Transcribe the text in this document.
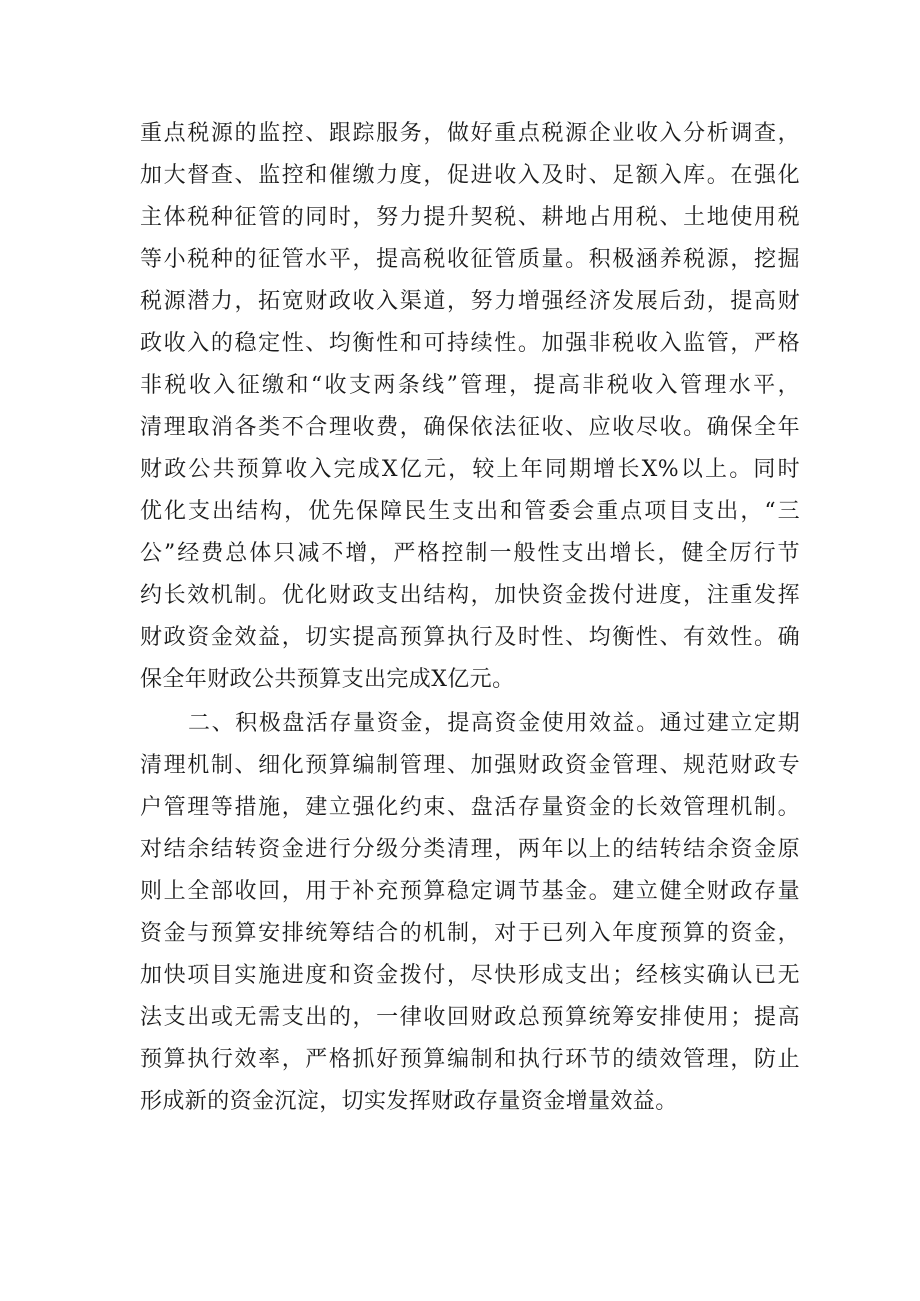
重点税源的监控、跟踪服务，做好重点税源企业收入分析调查，
加大督查、监控和催缴力度，促进收入及时、足额入库。在强化
主体税种征管的同时，努力提升契税、耕地占用税、土地使用税
等小税种的征管水平，提高税收征管质量。积极涵养税源，挖掘
税源潜力，拓宽财政收入渠道，努力增强经济发展后劲，提高财
政收入的稳定性、均衡性和可持续性。加强非税收入监管，严格
非税收入征缴和“收支两条线”管理，提高非税收入管理水平，
清理取消各类不合理收费，确保依法征收、应收尽收。确保全年
财政公共预算收入完成X亿元，较上年同期增长X%以上。同时
优化支出结构，优先保障民生支出和管委会重点项目支出，“三
公”经费总体只减不增，严格控制一般性支出增长，健全厉行节
约长效机制。优化财政支出结构，加快资金拨付进度，注重发挥
财政资金效益，切实提高预算执行及时性、均衡性、有效性。确
保全年财政公共预算支出完成X亿元。
二、积极盘活存量资金，提高资金使用效益。通过建立定期
清理机制、细化预算编制管理、加强财政资金管理、规范财政专
户管理等措施，建立强化约束、盘活存量资金的长效管理机制。
对结余结转资金进行分级分类清理，两年以上的结转结余资金原
则上全部收回，用于补充预算稳定调节基金。建立健全财政存量
资金与预算安排统筹结合的机制，对于已列入年度预算的资金，
加快项目实施进度和资金拨付，尽快形成支出；经核实确认已无
法支出或无需支出的，一律收回财政总预算统筹安排使用；提高
预算执行效率，严格抓好预算编制和执行环节的绩效管理，防止
形成新的资金沉淀，切实发挥财政存量资金增量效益。
